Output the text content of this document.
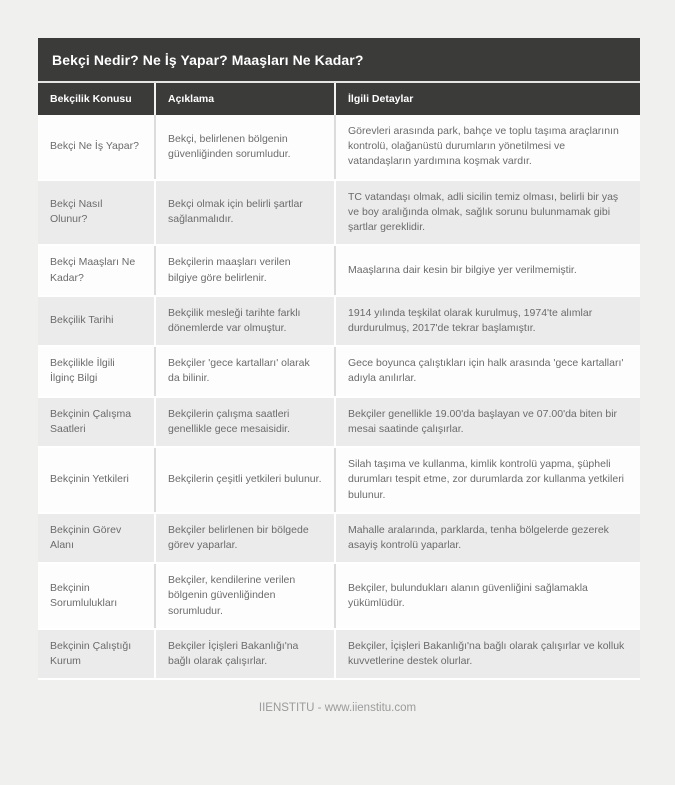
Bekçi Nedir? Ne İş Yapar? Maaşları Ne Kadar?
Bekçilik Konusu	Açıklama	İlgili Detaylar
Bekçi Ne İş Yapar?	Bekçi, belirlenen bölgenin güvenliğinden sorumludur.	Görevleri arasında park, bahçe ve toplu taşıma araçlarının kontrolü, olağanüstü durumların yönetilmesi ve vatandaşların yardımına koşmak vardır.
Bekçi Nasıl Olunur?	Bekçi olmak için belirli şartlar sağlanmalıdır.	TC vatandaşı olmak, adli sicilin temiz olması, belirli bir yaş ve boy aralığında olmak, sağlık sorunu bulunmamak gibi şartlar gereklidir.
Bekçi Maaşları Ne Kadar?	Bekçilerin maaşları verilen bilgiye göre belirlenir.	Maaşlarına dair kesin bir bilgiye yer verilmemiştir.
Bekçilik Tarihi	Bekçilik mesleği tarihte farklı dönemlerde var olmuştur.	1914 yılında teşkilat olarak kurulmuş, 1974'te alımlar durdurulmuş, 2017'de tekrar başlamıştır.
Bekçilikle İlgili İlginç Bilgi	Bekçiler 'gece kartalları' olarak da bilinir.	Gece boyunca çalıştıkları için halk arasında 'gece kartalları' adıyla anılırlar.
Bekçinin Çalışma Saatleri	Bekçilerin çalışma saatleri genellikle gece mesaisidir.	Bekçiler genellikle 19.00'da başlayan ve 07.00'da biten bir mesai saatinde çalışırlar.
Bekçinin Yetkileri	Bekçilerin çeşitli yetkileri bulunur.	Silah taşıma ve kullanma, kimlik kontrolü yapma, şüpheli durumları tespit etme, zor durumlarda zor kullanma yetkileri bulunur.
Bekçinin Görev Alanı	Bekçiler belirlenen bir bölgede görev yaparlar.	Mahalle aralarında, parklarda, tenha bölgelerde gezerek asayiş kontrolü yaparlar.
Bekçinin Sorumlulukları	Bekçiler, kendilerine verilen bölgenin güvenliğinden sorumludur.	Bekçiler, bulundukları alanın güvenliğini sağlamakla yükümlüdür.
Bekçinin Çalıştığı Kurum	Bekçiler İçişleri Bakanlığı'na bağlı olarak çalışırlar.	Bekçiler, İçişleri Bakanlığı'na bağlı olarak çalışırlar ve kolluk kuvvetlerine destek olurlar.
IIENSTITU - www.iienstitu.com
